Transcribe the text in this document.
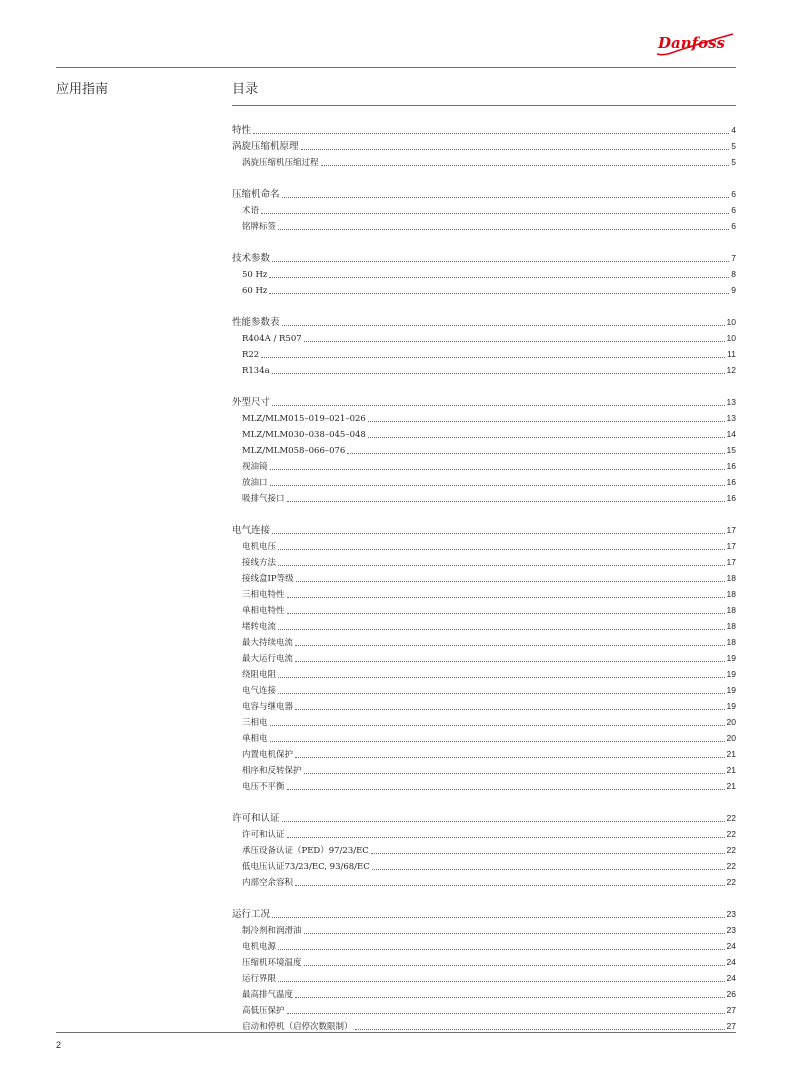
Danfoss
应用指南	目录
特性	4
涡旋压缩机原理	5
涡旋压缩机压缩过程	5
压缩机命名	6
术语	6
铭牌标签	6
技术参数	7
50 Hz	8
60 Hz	9
性能参数表	10
R404A / R507	10
R22	11
R134a	12
外型尺寸	13
MLZ/MLM015–019–021–026	13
MLZ/MLM030–038–045–048	14
MLZ/MLM058–066–076	15
视油镜	16
放油口	16
吸排气接口	16
电气连接	17
电机电压	17
接线方法	17
接线盒IP等级	18
三相电特性	18
单相电特性	18
堵转电流	18
最大持续电流	18
最大运行电流	19
绕阻电阻	19
电气连接	19
电容与继电器	19
三相电	20
单相电	20
内置电机保护	21
相序和反转保护	21
电压不平衡	21
许可和认证	22
许可和认证	22
承压设备认证（PED）97/23/EC	22
低电压认证73/23/EC, 93/68/EC	22
内部空余容积	22
运行工况	23
制冷剂和润滑油	23
电机电源	24
压缩机环境温度	24
运行界限	24
最高排气温度	26
高低压保护	27
启动和停机（启停次数限制）	27
2
